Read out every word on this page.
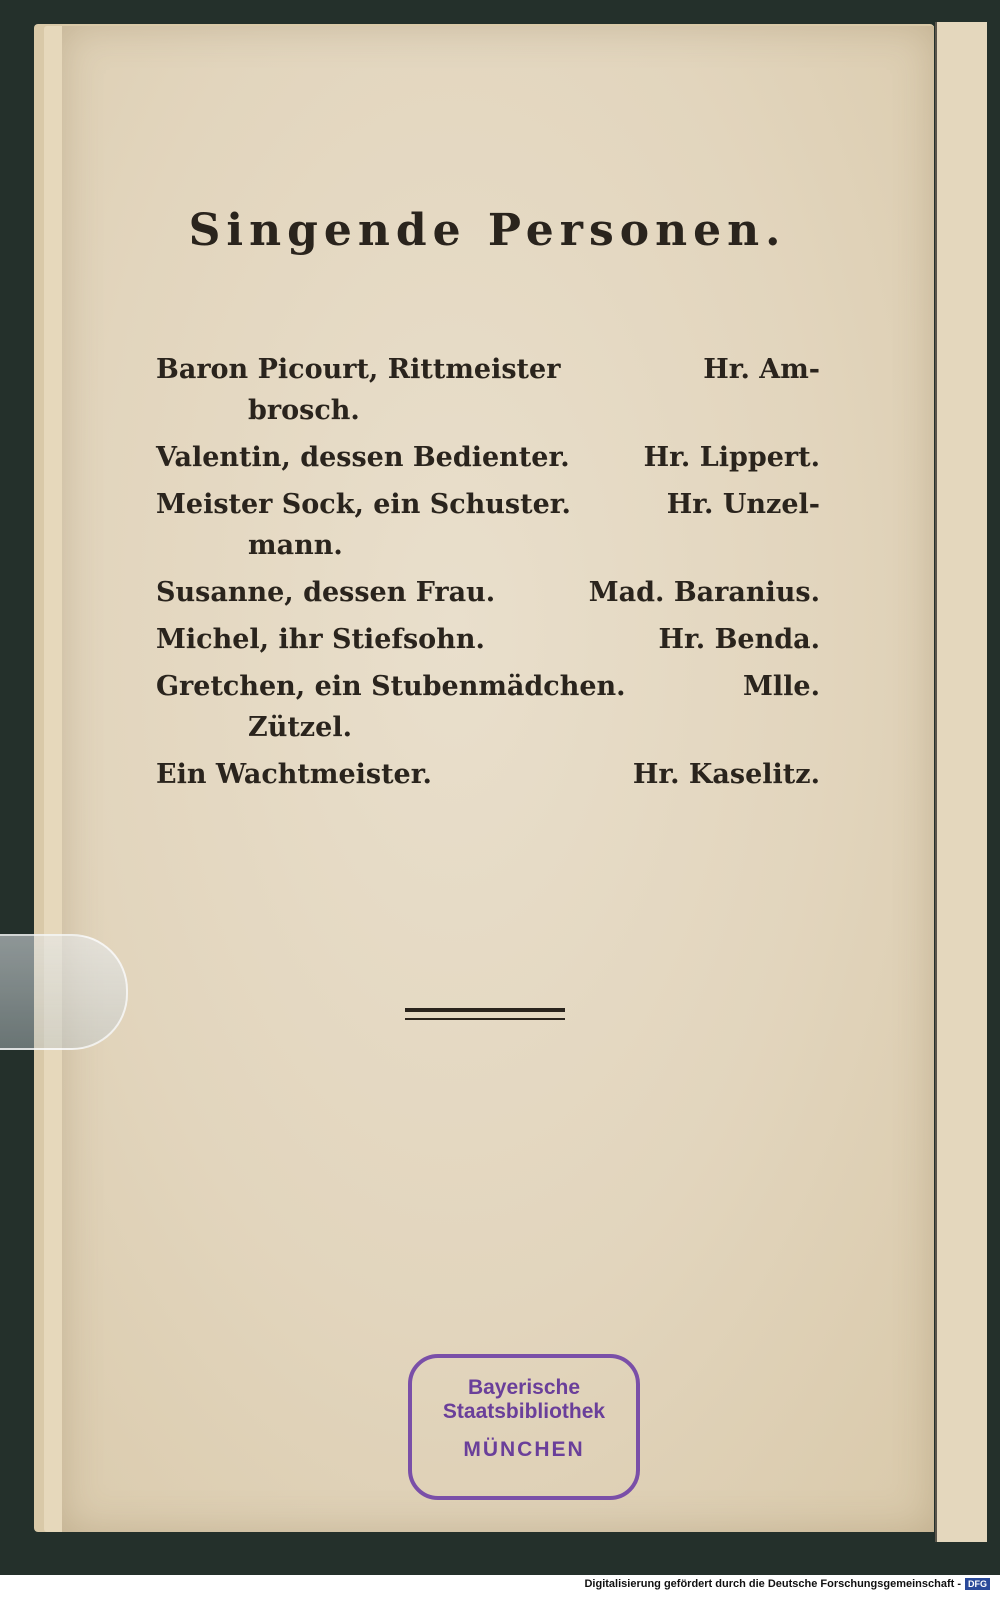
Singende Personen.
Baron Picourt, Rittmeister	Hr. Am-
brosch.
Valentin, dessen Bedienter.	Hr. Lippert.
Meister Sock, ein Schuster.	Hr. Unzel-
mann.
Susanne, dessen Frau.	Mad. Baranius.
Michel, ihr Stiefsohn.	Hr. Benda.
Gretchen, ein Stubenmädchen.	Mlle.
Zützel.
Ein Wachtmeister.	Hr. Kaselitz.
Bayerische
Staatsbibliothek
MÜNCHEN
Digitalisierung gefördert durch die Deutsche Forschungsgemeinschaft - DFG
